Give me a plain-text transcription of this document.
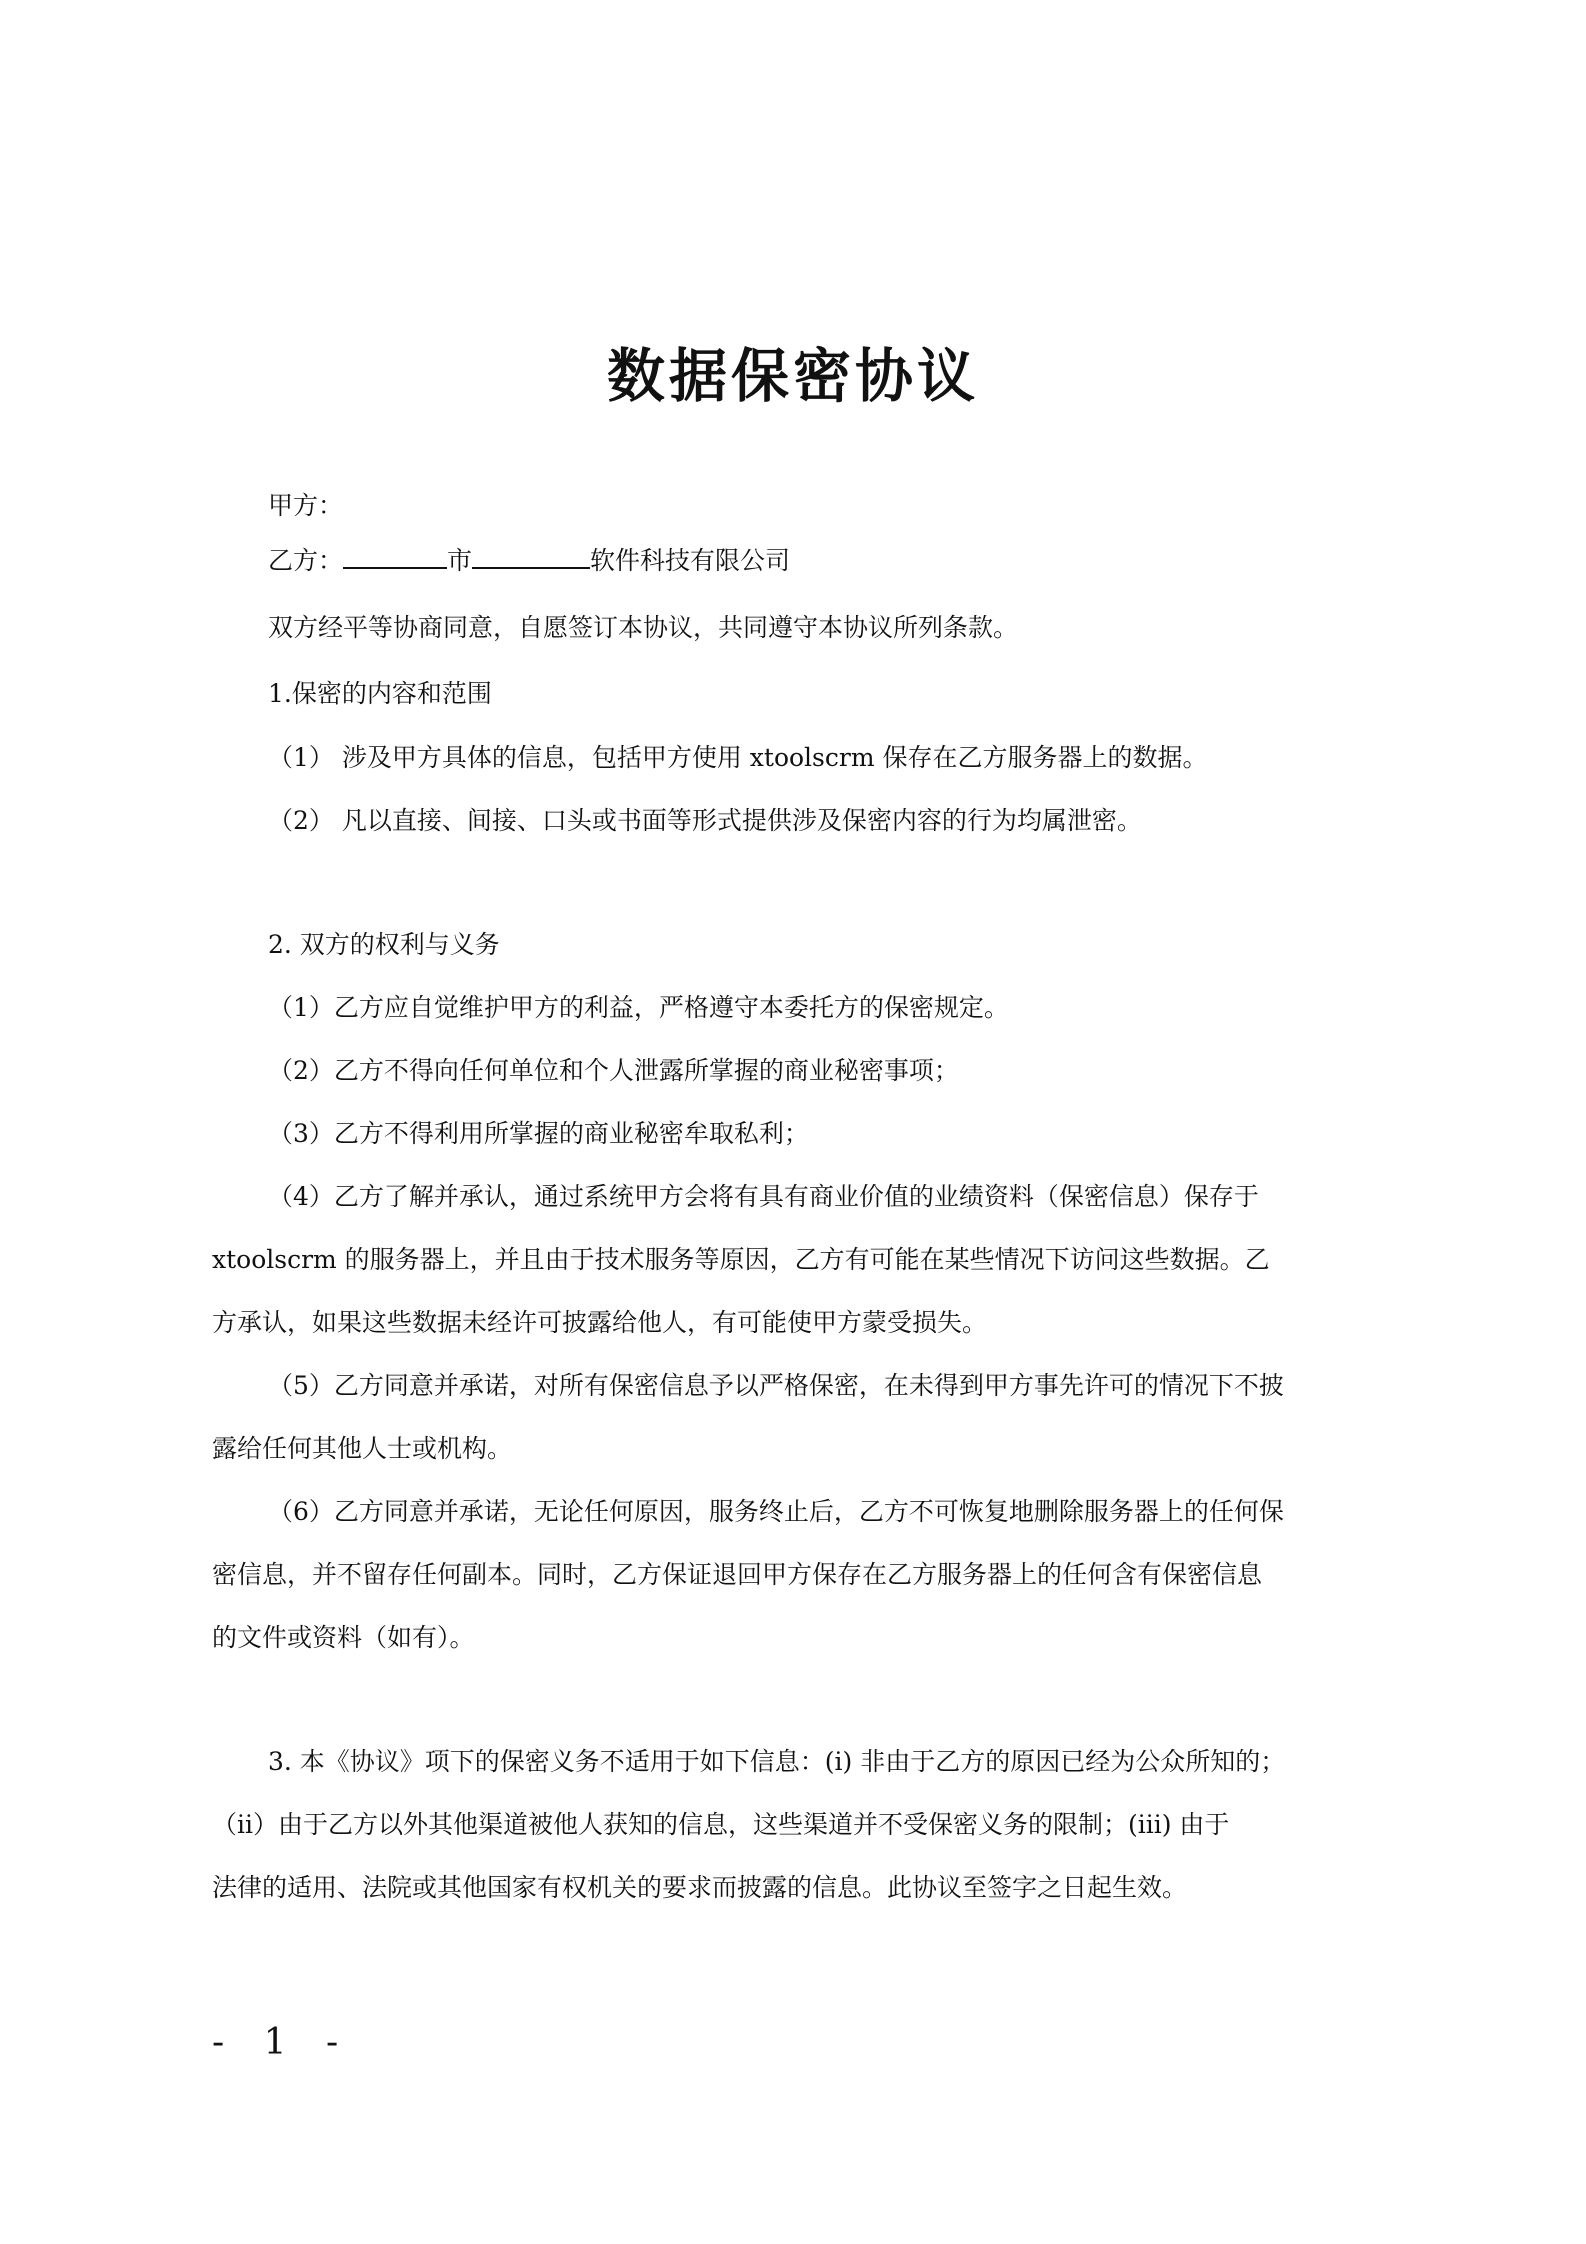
数据保密协议

甲方：

乙方：	市	软件科技有限公司

双方经平等协商同意，自愿签订本协议，共同遵守本协议所列条款。

1.保密的内容和范围

（1） 涉及甲方具体的信息，包括甲方使用 xtoolscrm 保存在乙方服务器上的数据。

（2） 凡以直接、间接、口头或书面等形式提供涉及保密内容的行为均属泄密。

2. 双方的权利与义务

（1）乙方应自觉维护甲方的利益，严格遵守本委托方的保密规定。

（2）乙方不得向任何单位和个人泄露所掌握的商业秘密事项；

（3）乙方不得利用所掌握的商业秘密牟取私利；

（4）乙方了解并承认，通过系统甲方会将有具有商业价值的业绩资料（保密信息）保存于

xtoolscrm 的服务器上，并且由于技术服务等原因，乙方有可能在某些情况下访问这些数据。乙

方承认，如果这些数据未经许可披露给他人，有可能使甲方蒙受损失。

（5）乙方同意并承诺，对所有保密信息予以严格保密，在未得到甲方事先许可的情况下不披

露给任何其他人士或机构。

（6）乙方同意并承诺，无论任何原因，服务终止后，乙方不可恢复地删除服务器上的任何保

密信息，并不留存任何副本。同时，乙方保证退回甲方保存在乙方服务器上的任何含有保密信息

的文件或资料（如有）。

3. 本《协议》项下的保密义务不适用于如下信息：(i) 非由于乙方的原因已经为公众所知的；

（ii）由于乙方以外其他渠道被他人获知的信息，这些渠道并不受保密义务的限制；(iii) 由于

法律的适用、法院或其他国家有权机关的要求而披露的信息。此协议至签字之日起生效。

- 1 -
